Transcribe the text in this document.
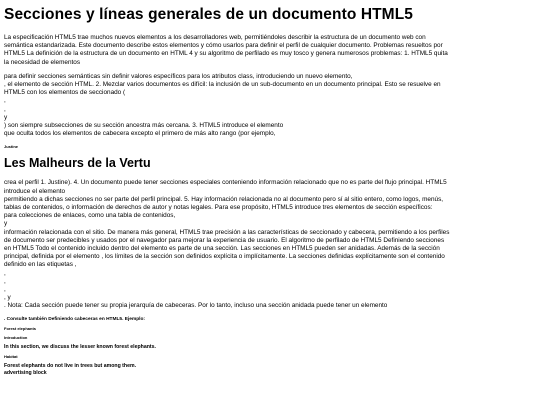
Secciones y líneas generales de un documento HTML5

La especificación HTML5 trae muchos nuevos elementos a los desarrolladores web, permitiéndoles describir la estructura de un documento web con
semántica estandarizada. Este documento describe estos elementos y cómo usarlos para definir el perfil de cualquier documento. Problemas resueltos por
HTML5 La definición de la estructura de un documento en HTML 4 y su algoritmo de perfilado es muy tosco y genera numerosos problemas: 1. HTML5 quita
la necesidad de elementos

para definir secciones semánticas sin definir valores específicos para los atributos class, introduciendo un nuevo elemento,
, el elemento de sección HTML. 2. Mezclar varios documentos es difícil: la inclusión de un sub-documento en un documento principal. Esto se resuelve en
HTML5 con los elementos de seccionado (
,
,
y
) son siempre subsecciones de su sección ancestra más cercana. 3. HTML5 introduce el elemento
que oculta todos los elementos de cabecera excepto el primero de más alto rango (por ejemplo,

Justine

Les Malheurs de la Vertu

crea el perfil 1. Justine). 4. Un documento puede tener secciones especiales conteniendo información relacionado que no es parte del flujo principal. HTML5
introduce el elemento
permitiendo a dichas secciones no ser parte del perfil principal. 5. Hay información relacionada no al documento pero sí al sitio entero, como logos, menús,
tablas de contenidos, o información de derechos de autor y notas legales. Para ese propósito, HTML5 introduce tres elementos de sección específicos:
para colecciones de enlaces, como una tabla de contenidos,
y
información relacionada con el sitio. De manera más general, HTML5 trae precisión a las características de seccionado y cabecera, permitiendo a los perfiles
de documento ser predecibles y usados por el navegador para mejorar la experiencia de usuario. El algoritmo de perfilado de HTML5 Definiendo secciones
en HTML5 Todo el contenido incluido dentro del elemento es parte de una sección. Las secciones en HTML5 pueden ser anidadas. Además de la sección
principal, definida por el elemento , los límites de la sección son definidos explícita o implícitamente. La secciones definidas explícitamente son el contenido
definido en las etiquetas ,
,
,
,
, y
. Nota: Cada sección puede tener su propia jerarquía de cabeceras. Por lo tanto, incluso una sección anidada puede tener un elemento

. Consulte también Definiendo cabeceras en HTML5. Ejemplo:

Forest elephants

Introduction

In this section, we discuss the lesser known forest elephants.

Habitat

Forest elephants do not live in trees but among them.

advertising block
